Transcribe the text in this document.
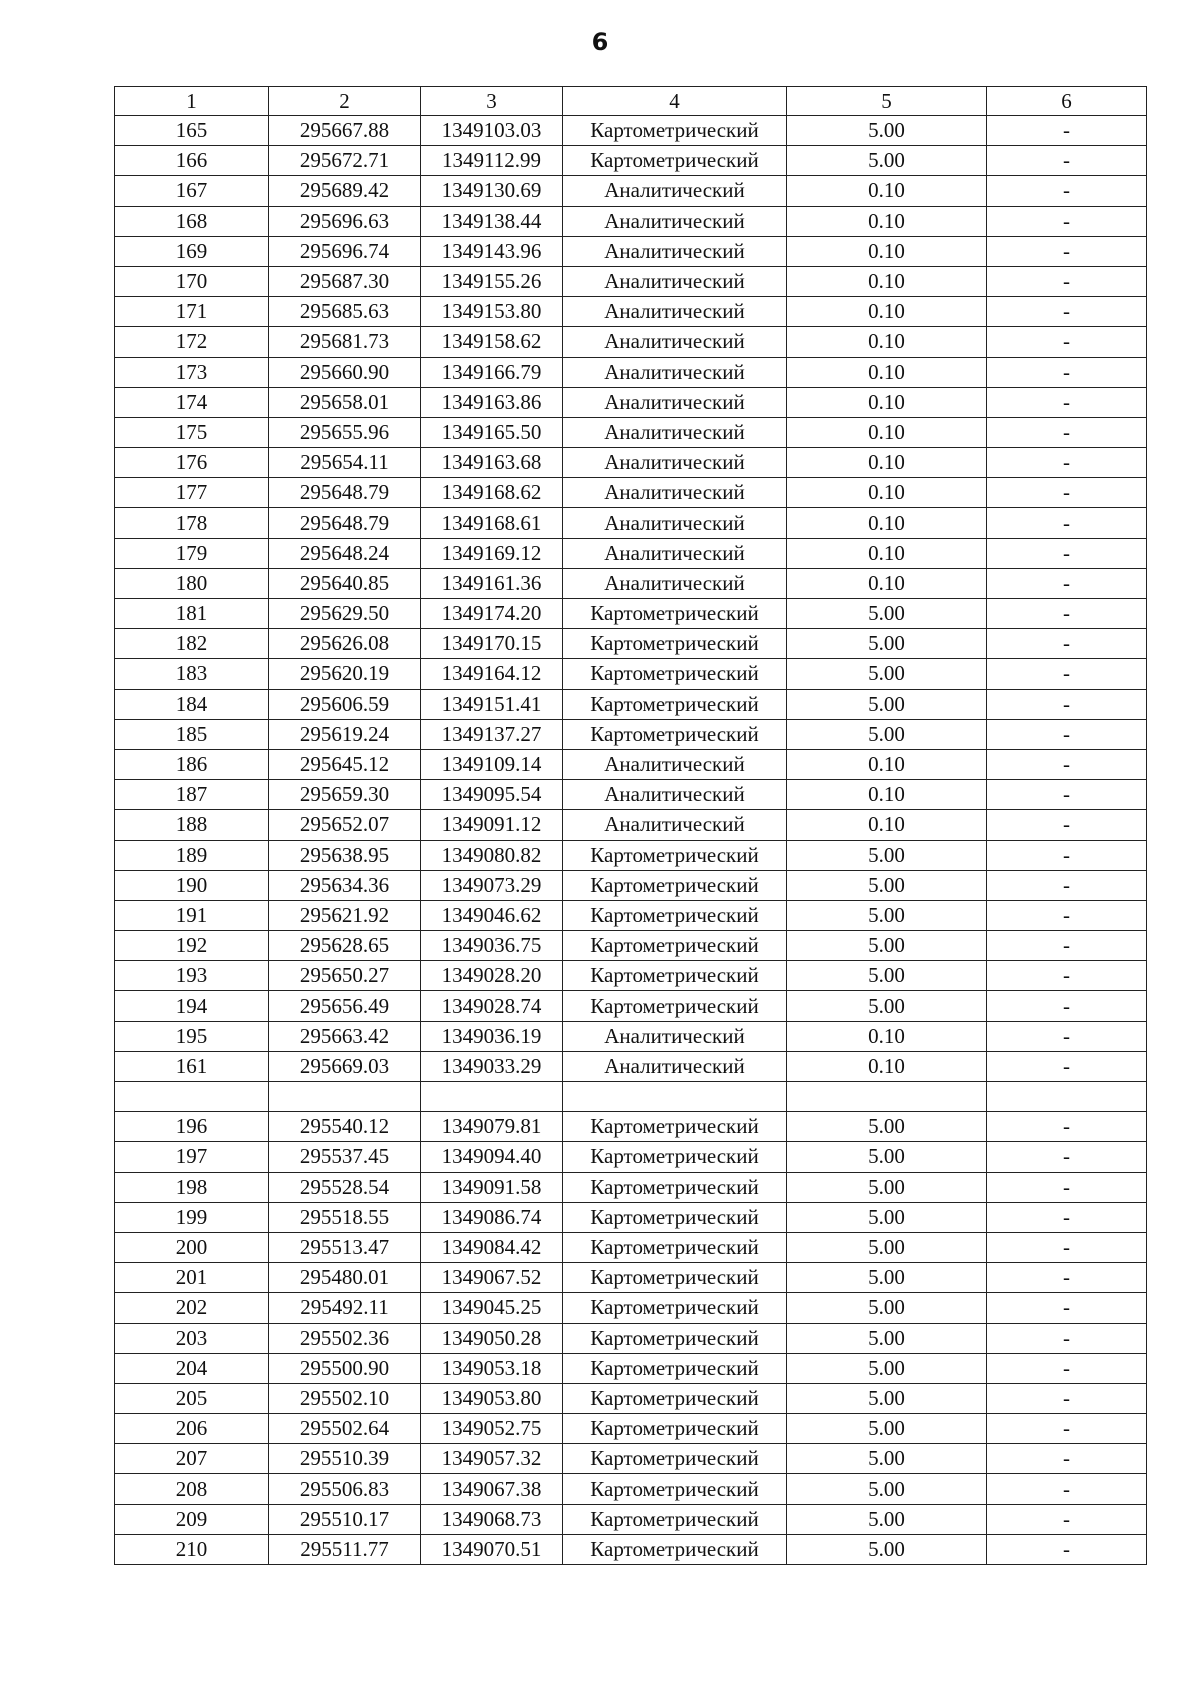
6
1	2	3	4	5	6
165	295667.88	1349103.03	Картометрический	5.00	-
166	295672.71	1349112.99	Картометрический	5.00	-
167	295689.42	1349130.69	Аналитический	0.10	-
168	295696.63	1349138.44	Аналитический	0.10	-
169	295696.74	1349143.96	Аналитический	0.10	-
170	295687.30	1349155.26	Аналитический	0.10	-
171	295685.63	1349153.80	Аналитический	0.10	-
172	295681.73	1349158.62	Аналитический	0.10	-
173	295660.90	1349166.79	Аналитический	0.10	-
174	295658.01	1349163.86	Аналитический	0.10	-
175	295655.96	1349165.50	Аналитический	0.10	-
176	295654.11	1349163.68	Аналитический	0.10	-
177	295648.79	1349168.62	Аналитический	0.10	-
178	295648.79	1349168.61	Аналитический	0.10	-
179	295648.24	1349169.12	Аналитический	0.10	-
180	295640.85	1349161.36	Аналитический	0.10	-
181	295629.50	1349174.20	Картометрический	5.00	-
182	295626.08	1349170.15	Картометрический	5.00	-
183	295620.19	1349164.12	Картометрический	5.00	-
184	295606.59	1349151.41	Картометрический	5.00	-
185	295619.24	1349137.27	Картометрический	5.00	-
186	295645.12	1349109.14	Аналитический	0.10	-
187	295659.30	1349095.54	Аналитический	0.10	-
188	295652.07	1349091.12	Аналитический	0.10	-
189	295638.95	1349080.82	Картометрический	5.00	-
190	295634.36	1349073.29	Картометрический	5.00	-
191	295621.92	1349046.62	Картометрический	5.00	-
192	295628.65	1349036.75	Картометрический	5.00	-
193	295650.27	1349028.20	Картометрический	5.00	-
194	295656.49	1349028.74	Картометрический	5.00	-
195	295663.42	1349036.19	Аналитический	0.10	-
161	295669.03	1349033.29	Аналитический	0.10	-

196	295540.12	1349079.81	Картометрический	5.00	-
197	295537.45	1349094.40	Картометрический	5.00	-
198	295528.54	1349091.58	Картометрический	5.00	-
199	295518.55	1349086.74	Картометрический	5.00	-
200	295513.47	1349084.42	Картометрический	5.00	-
201	295480.01	1349067.52	Картометрический	5.00	-
202	295492.11	1349045.25	Картометрический	5.00	-
203	295502.36	1349050.28	Картометрический	5.00	-
204	295500.90	1349053.18	Картометрический	5.00	-
205	295502.10	1349053.80	Картометрический	5.00	-
206	295502.64	1349052.75	Картометрический	5.00	-
207	295510.39	1349057.32	Картометрический	5.00	-
208	295506.83	1349067.38	Картометрический	5.00	-
209	295510.17	1349068.73	Картометрический	5.00	-
210	295511.77	1349070.51	Картометрический	5.00	-
